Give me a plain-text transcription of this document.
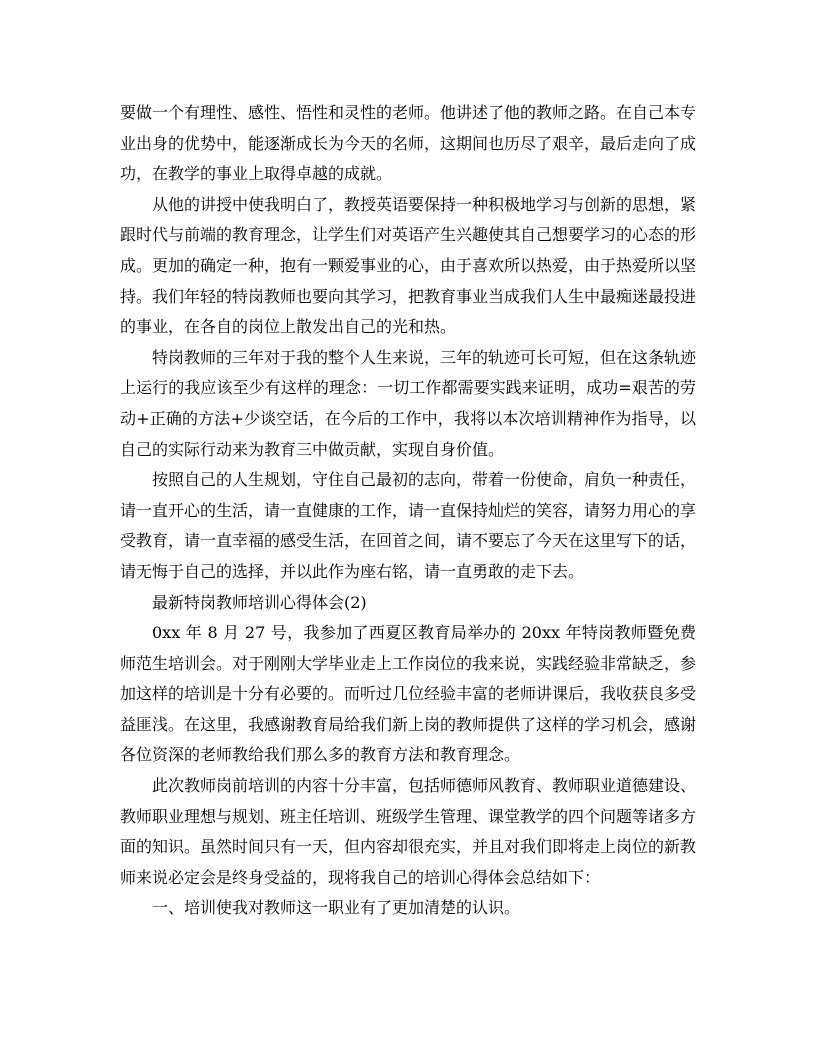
要做一个有理性、感性、悟性和灵性的老师。他讲述了他的教师之路。在自己本专业出身的优势中，能逐渐成长为今天的名师，这期间也历尽了艰辛，最后走向了成功，在教学的事业上取得卓越的成就。

从他的讲授中使我明白了，教授英语要保持一种积极地学习与创新的思想，紧跟时代与前端的教育理念，让学生们对英语产生兴趣使其自己想要学习的心态的形成。更加的确定一种，抱有一颗爱事业的心，由于喜欢所以热爱，由于热爱所以坚持。我们年轻的特岗教师也要向其学习，把教育事业当成我们人生中最痴迷最投进的事业，在各自的岗位上散发出自己的光和热。

特岗教师的三年对于我的整个人生来说，三年的轨迹可长可短，但在这条轨迹上运行的我应该至少有这样的理念：一切工作都需要实践来证明，成功=艰苦的劳动+正确的方法+少谈空话，在今后的工作中，我将以本次培训精神作为指导，以自己的实际行动来为教育三中做贡献，实现自身价值。

按照自己的人生规划，守住自己最初的志向，带着一份使命，肩负一种责任，请一直开心的生活，请一直健康的工作，请一直保持灿烂的笑容，请努力用心的享受教育，请一直幸福的感受生活，在回首之间，请不要忘了今天在这里写下的话，请无悔于自己的选择，并以此作为座右铭，请一直勇敢的走下去。

最新特岗教师培训心得体会(2)

0xx 年 8 月 27 号，我参加了西夏区教育局举办的 20xx 年特岗教师暨免费师范生培训会。对于刚刚大学毕业走上工作岗位的我来说，实践经验非常缺乏，参加这样的培训是十分有必要的。而听过几位经验丰富的老师讲课后，我收获良多受益匪浅。在这里，我感谢教育局给我们新上岗的教师提供了这样的学习机会，感谢各位资深的老师教给我们那么多的教育方法和教育理念。

此次教师岗前培训的内容十分丰富，包括师德师风教育、教师职业道德建设、教师职业理想与规划、班主任培训、班级学生管理、课堂教学的四个问题等诸多方面的知识。虽然时间只有一天，但内容却很充实，并且对我们即将走上岗位的新教师来说必定会是终身受益的，现将我自己的培训心得体会总结如下：

一、培训使我对教师这一职业有了更加清楚的认识。
